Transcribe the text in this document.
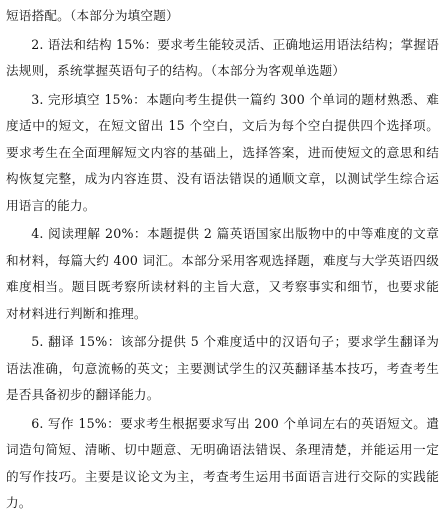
短语搭配。（本部分为填空题）

2. 语法和结构 15%：要求考生能较灵活、正确地运用语法结构；掌握语法规则，系统掌握英语句子的结构。（本部分为客观单选题）

3. 完形填空 15%：本题向考生提供一篇约 300 个单词的题材熟悉、难度适中的短文，在短文留出 15 个空白，文后为每个空白提供四个选择项。要求考生在全面理解短文内容的基础上，选择答案，进而使短文的意思和结构恢复完整，成为内容连贯、没有语法错误的通顺文章，以测试学生综合运用语言的能力。

4. 阅读理解 20%：本题提供 2 篇英语国家出版物中的中等难度的文章和材料，每篇大约 400 词汇。本部分采用客观选择题，难度与大学英语四级难度相当。题目既考察所读材料的主旨大意，又考察事实和细节，也要求能对材料进行判断和推理。

5. 翻译 15%：该部分提供 5 个难度适中的汉语句子；要求学生翻译为语法准确，句意流畅的英文；主要测试学生的汉英翻译基本技巧，考查考生是否具备初步的翻译能力。

6. 写作 15%：要求考生根据要求写出 200 个单词左右的英语短文。遣词造句简短、清晰、切中题意、无明确语法错误、条理清楚，并能运用一定的写作技巧。主要是议论文为主，考查考生运用书面语言进行交际的实践能力。
